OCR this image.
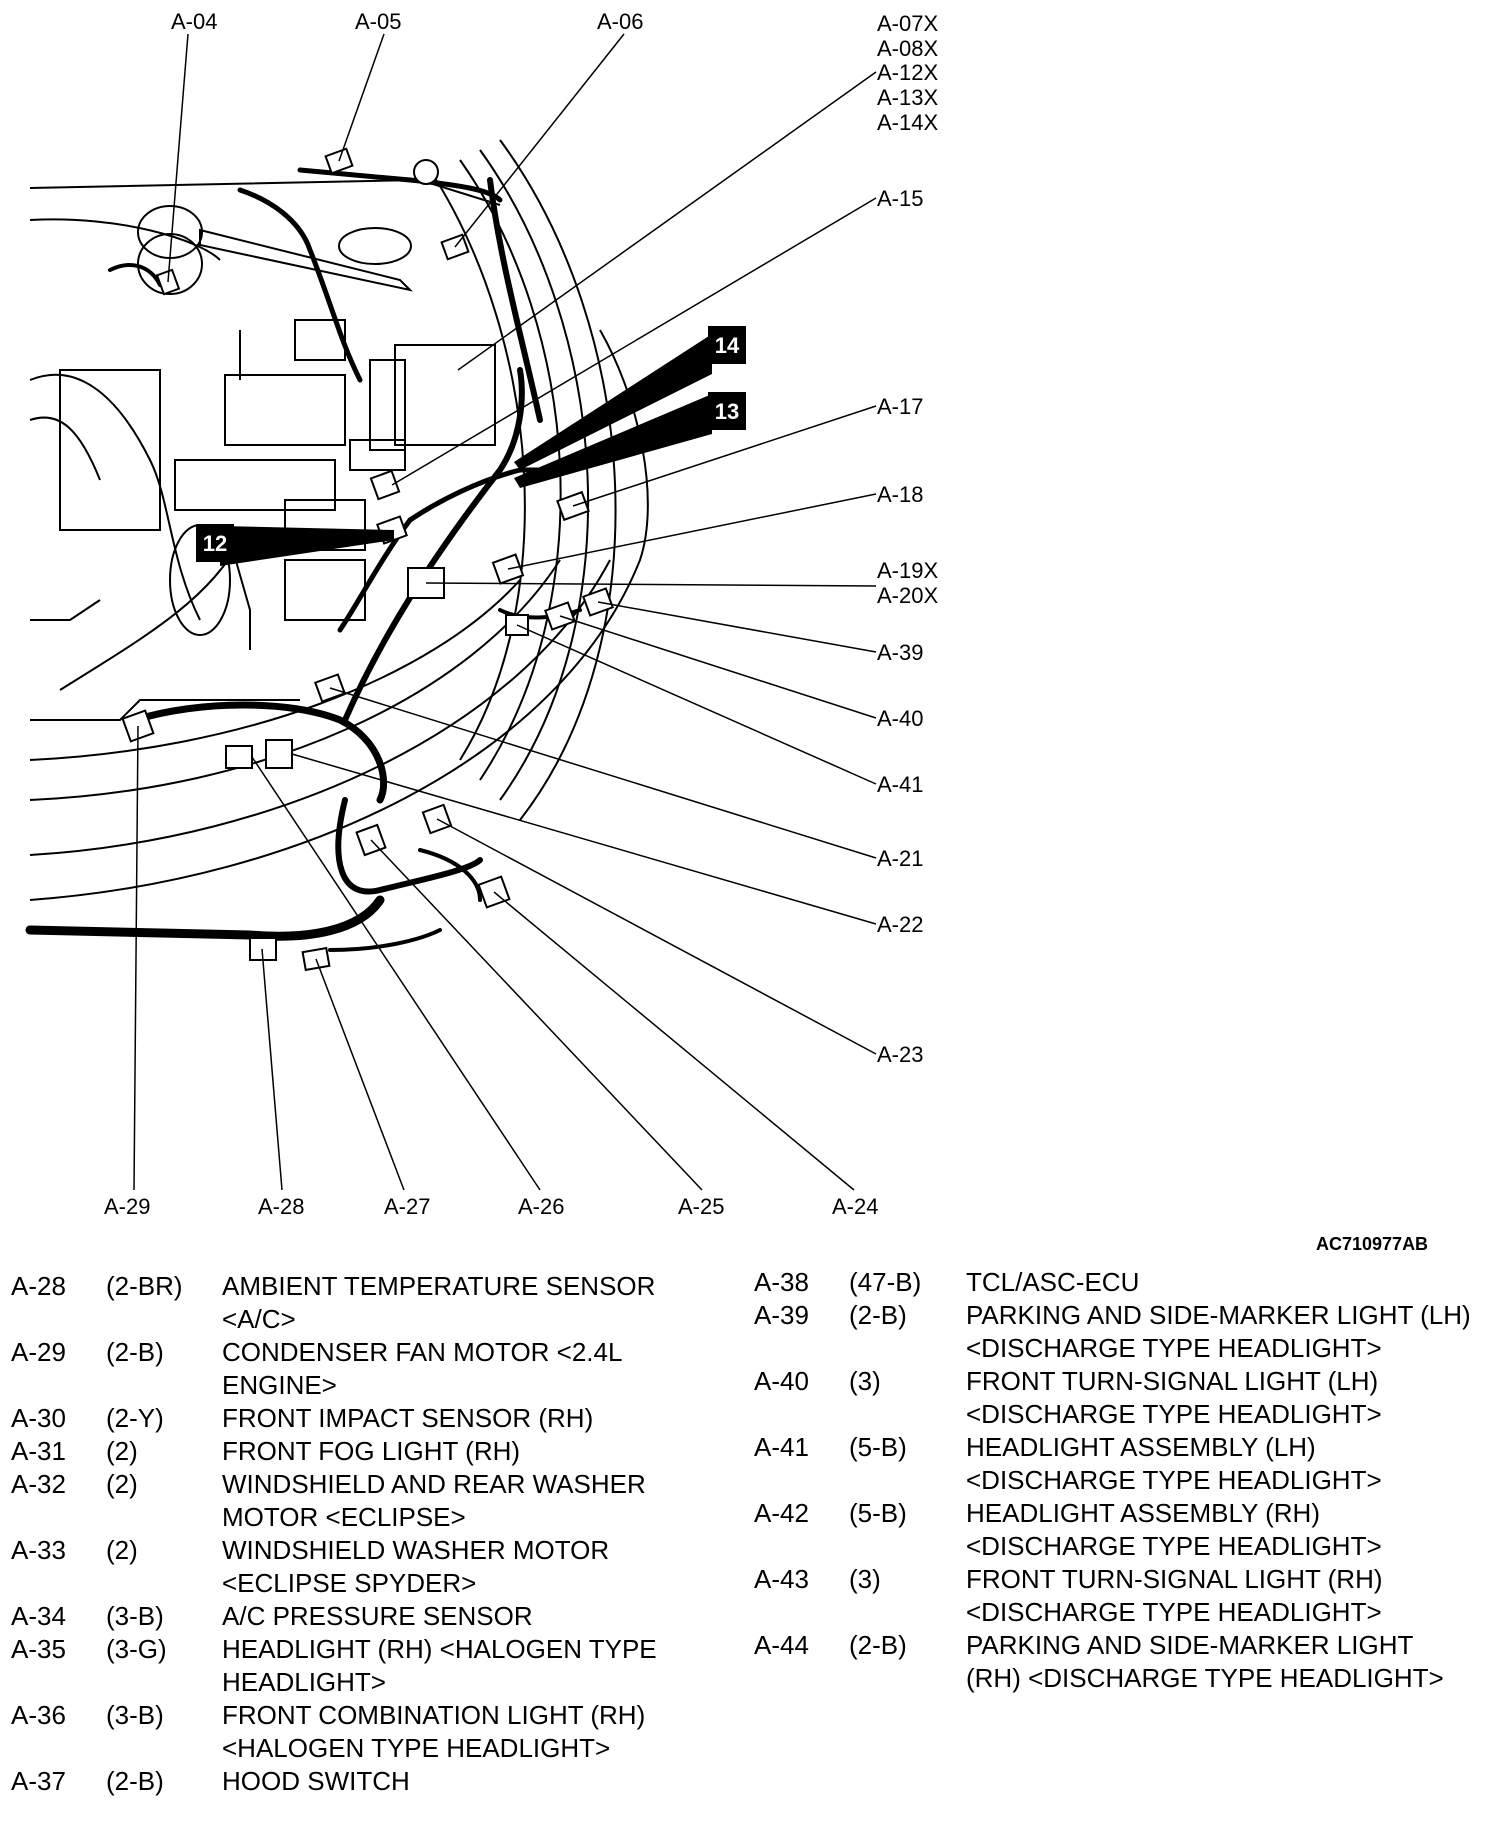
14
13
12
A-04	A-05	A-06	A-07X
A-08X
A-12X
A-13X
A-14X
A-15
A-17
A-18
A-19X
A-20X
A-39
A-40
A-41
A-21
A-22
A-23
A-29	A-28	A-27	A-26	A-25	A-24
AC710977AB
A-28 (2-BR) AMBIENT TEMPERATURE SENSOR <A/C>
A-29 (2-B) CONDENSER FAN MOTOR <2.4L ENGINE>
A-30 (2-Y) FRONT IMPACT SENSOR (RH)
A-31 (2)	FRONT FOG LIGHT (RH)
A-32 (2)	WINDSHIELD AND REAR WASHER MOTOR <ECLIPSE>
A-33 (2)	WINDSHIELD WASHER MOTOR <ECLIPSE SPYDER>
A-34 (3-B) A/C PRESSURE SENSOR
A-35 (3-G) HEADLIGHT (RH) <HALOGEN TYPE HEADLIGHT>
A-36 (3-B) FRONT COMBINATION LIGHT (RH) <HALOGEN TYPE HEADLIGHT>
A-37 (2-B) HOOD SWITCH
A-38 (47-B) TCL/ASC-ECU
A-39 (2-B) PARKING AND SIDE-MARKER LIGHT (LH) <DISCHARGE TYPE HEADLIGHT>
A-40 (3)	FRONT TURN-SIGNAL LIGHT (LH) <DISCHARGE TYPE HEADLIGHT>
A-41 (5-B) HEADLIGHT ASSEMBLY (LH) <DISCHARGE TYPE HEADLIGHT>
A-42 (5-B) HEADLIGHT ASSEMBLY (RH) <DISCHARGE TYPE HEADLIGHT>
A-43 (3)	FRONT TURN-SIGNAL LIGHT (RH) <DISCHARGE TYPE HEADLIGHT>
A-44 (2-B) PARKING AND SIDE-MARKER LIGHT (RH) <DISCHARGE TYPE HEADLIGHT>
